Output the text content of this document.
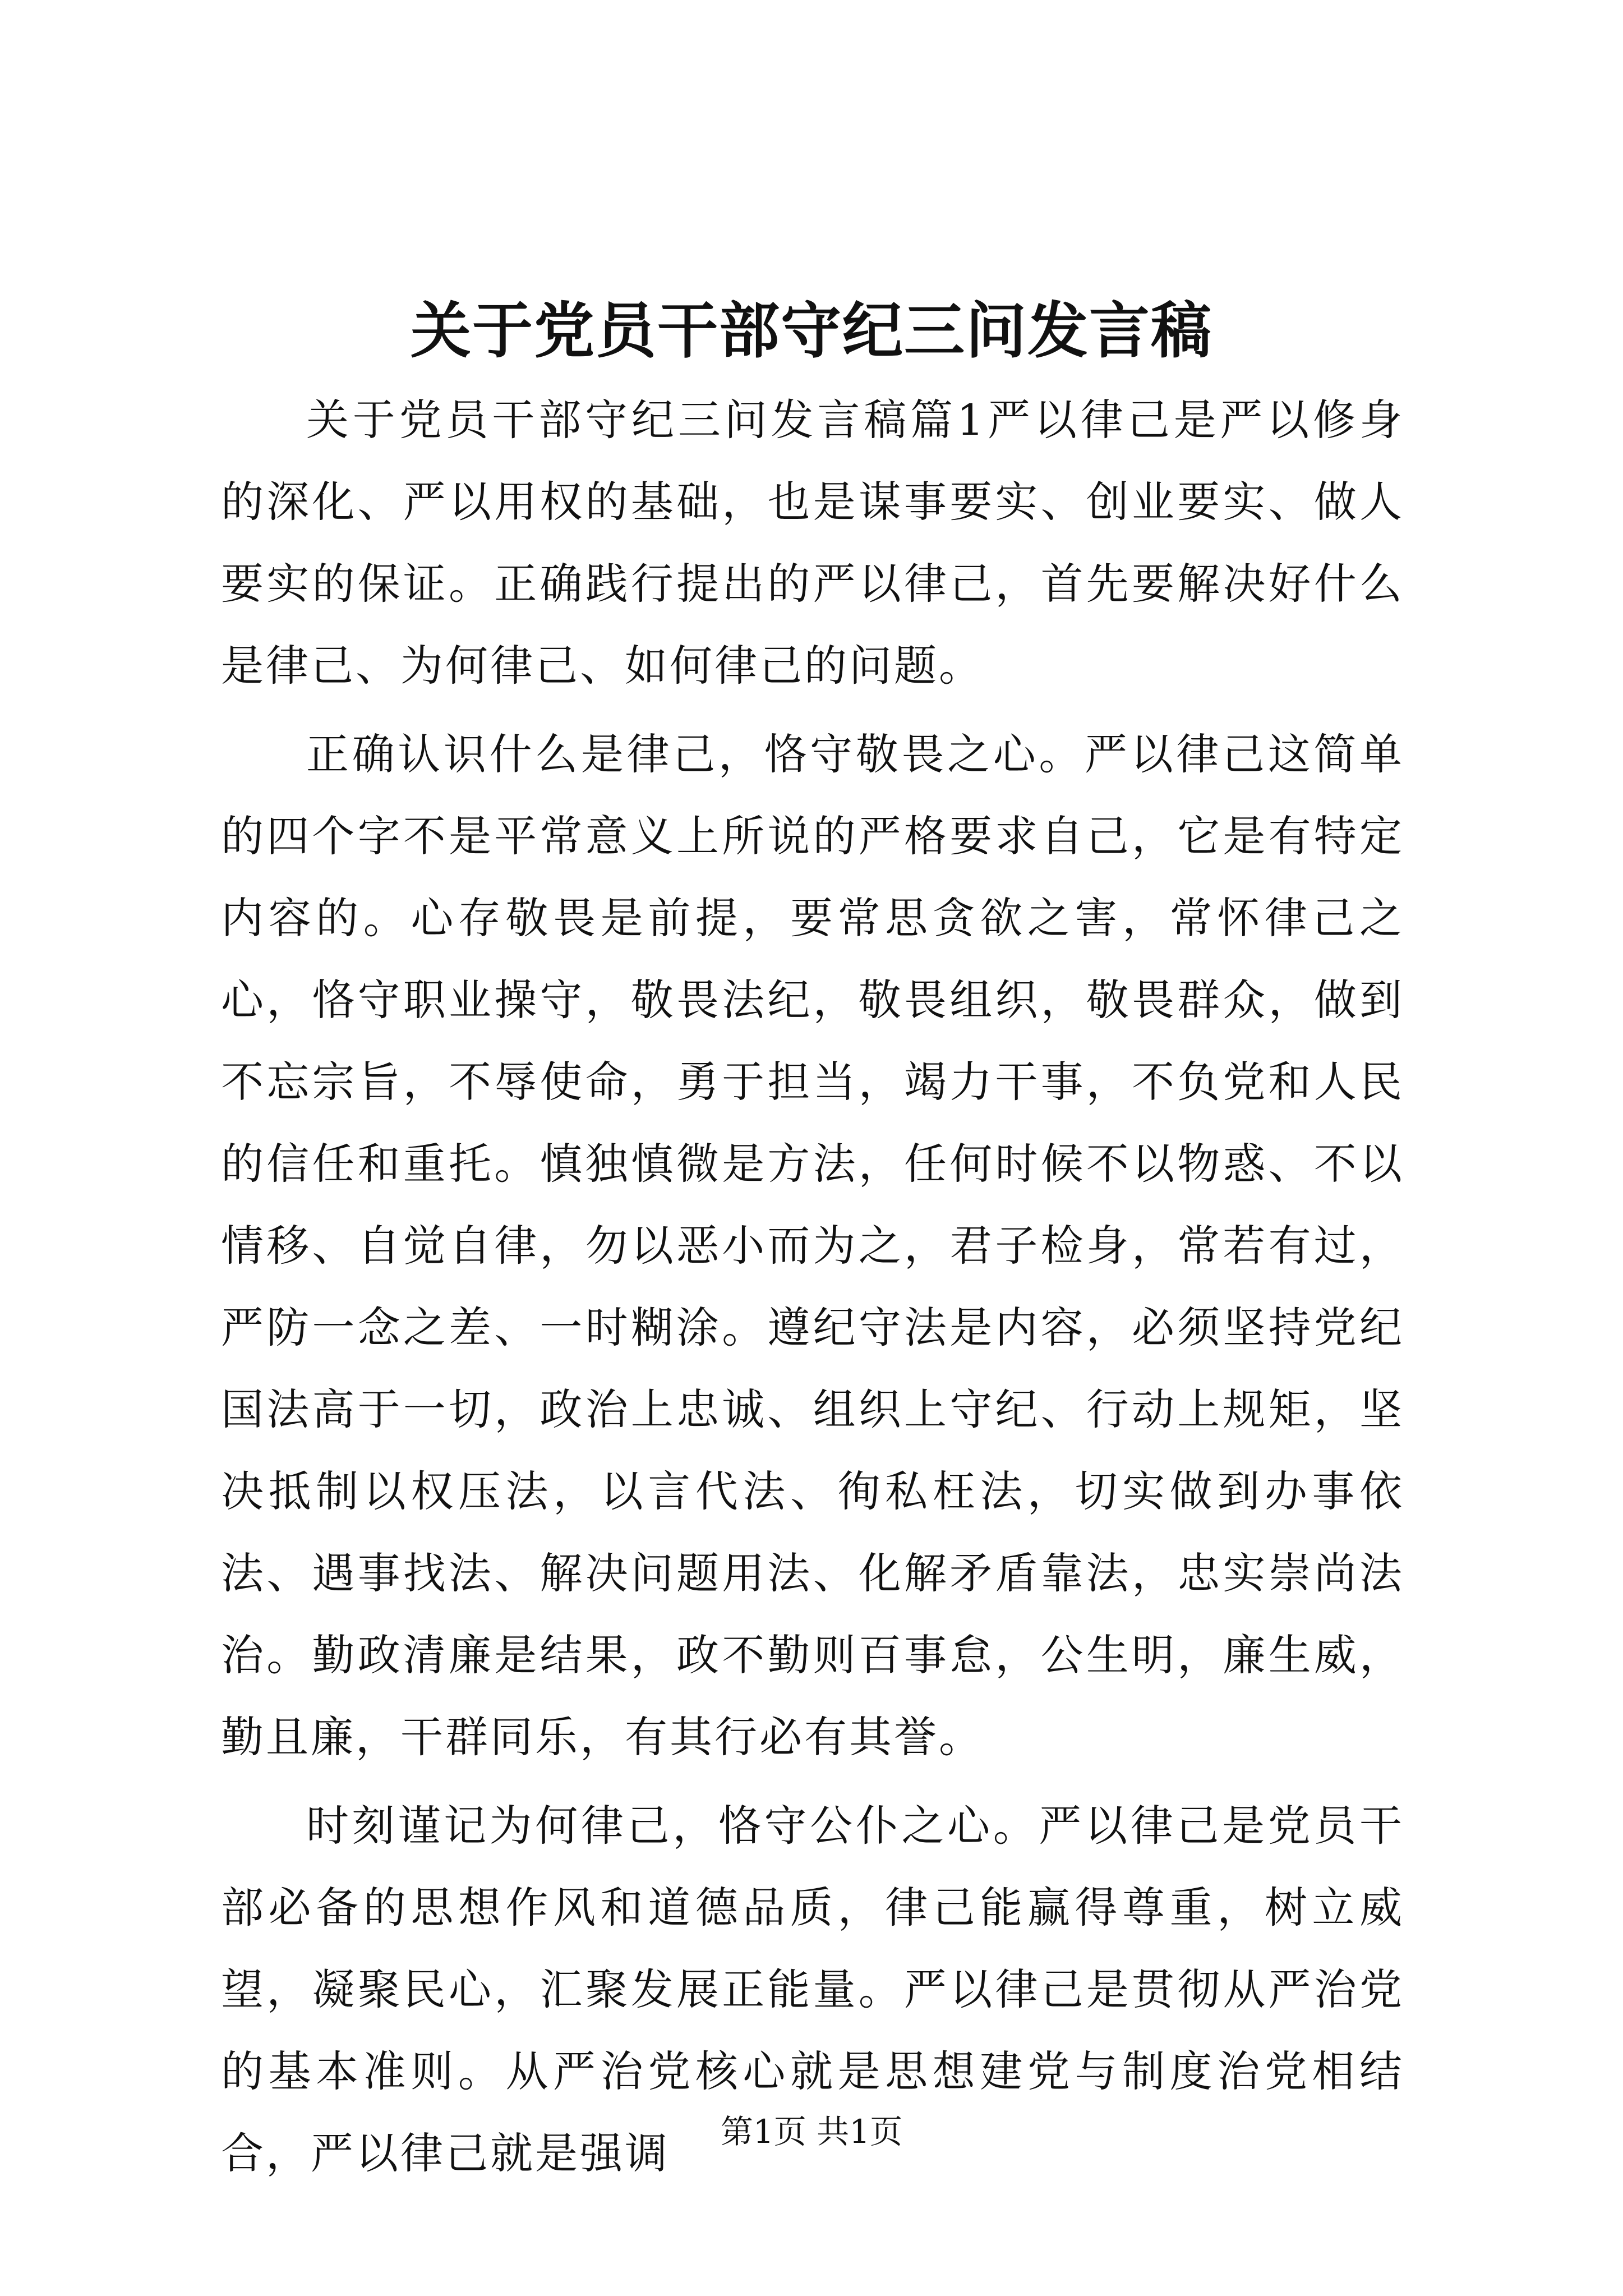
关于党员干部守纪三问发言稿

关于党员干部守纪三问发言稿篇1严以律己是严以修身的深化、严以用权的基础，也是谋事要实、创业要实、做人要实的保证。正确践行提出的严以律己，首先要解决好什么是律己、为何律己、如何律己的问题。

正确认识什么是律己，恪守敬畏之心。严以律己这简单的四个字不是平常意义上所说的严格要求自己，它是有特定内容的。心存敬畏是前提，要常思贪欲之害，常怀律己之心，恪守职业操守，敬畏法纪，敬畏组织，敬畏群众，做到不忘宗旨，不辱使命，勇于担当，竭力干事，不负党和人民的信任和重托。慎独慎微是方法，任何时候不以物惑、不以情移、自觉自律，勿以恶小而为之，君子检身，常若有过，严防一念之差、一时糊涂。遵纪守法是内容，必须坚持党纪国法高于一切，政治上忠诚、组织上守纪、行动上规矩，坚决抵制以权压法，以言代法、徇私枉法，切实做到办事依法、遇事找法、解决问题用法、化解矛盾靠法，忠实崇尚法治。勤政清廉是结果，政不勤则百事怠，公生明，廉生威，勤且廉，干群同乐，有其行必有其誉。

时刻谨记为何律己，恪守公仆之心。严以律己是党员干部必备的思想作风和道德品质，律己能赢得尊重，树立威望，凝聚民心，汇聚发展正能量。严以律己是贯彻从严治党的基本准则。从严治党核心就是思想建党与制度治党相结合，严以律己就是强调	第1页 共1页
